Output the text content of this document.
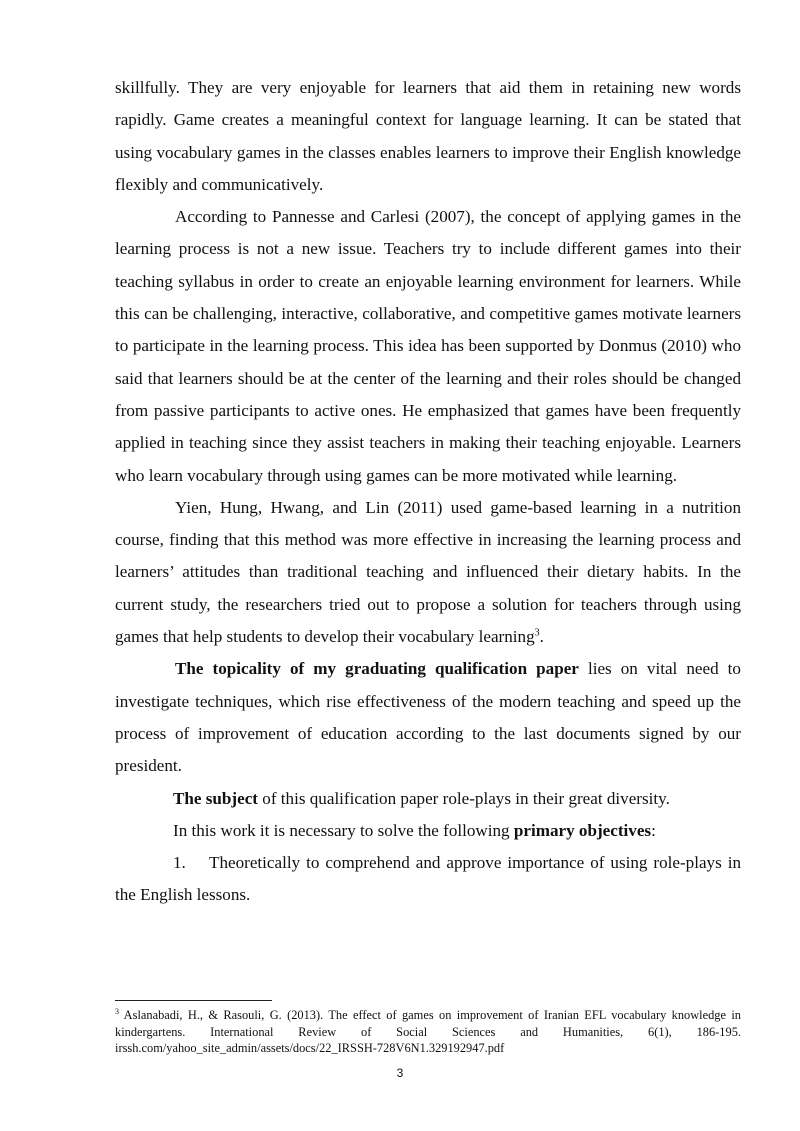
skillfully. They are very enjoyable for learners that aid them in retaining new words rapidly. Game creates a meaningful context for language learning. It can be stated that using vocabulary games in the classes enables learners to improve their English knowledge flexibly and communicatively.

According to Pannesse and Carlesi (2007), the concept of applying games in the learning process is not a new issue. Teachers try to include different games into their teaching syllabus in order to create an enjoyable learning environment for learners. While this can be challenging, interactive, collaborative, and competitive games motivate learners to participate in the learning process. This idea has been supported by Donmus (2010) who said that learners should be at the center of the learning and their roles should be changed from passive participants to active ones. He emphasized that games have been frequently applied in teaching since they assist teachers in making their teaching enjoyable. Learners who learn vocabulary through using games can be more motivated while learning.

Yien, Hung, Hwang, and Lin (2011) used game-based learning in a nutrition course, finding that this method was more effective in increasing the learning process and learners’ attitudes than traditional teaching and influenced their dietary habits. In the current study, the researchers tried out to propose a solution for teachers through using games that help students to develop their vocabulary learning$^3$.

The topicality of my graduating qualification paper lies on vital need to investigate techniques, which rise effectiveness of the modern teaching and speed up the process of improvement of education according to the last documents signed by our president.

The subject of this qualification paper role-plays in their great diversity.

In this work it is necessary to solve the following primary objectives:

1. Theoretically to comprehend and approve importance of using role-plays in the English lessons.

$^3$ Aslanabadi, H., & Rasouli, G. (2013). The effect of games on improvement of Iranian EFL vocabulary knowledge in kindergartens. International Review of Social Sciences and Humanities, 6(1), 186-195. irssh.com/yahoo_site_admin/assets/docs/22_IRSSH-728V6N1.329192947.pdf

3
